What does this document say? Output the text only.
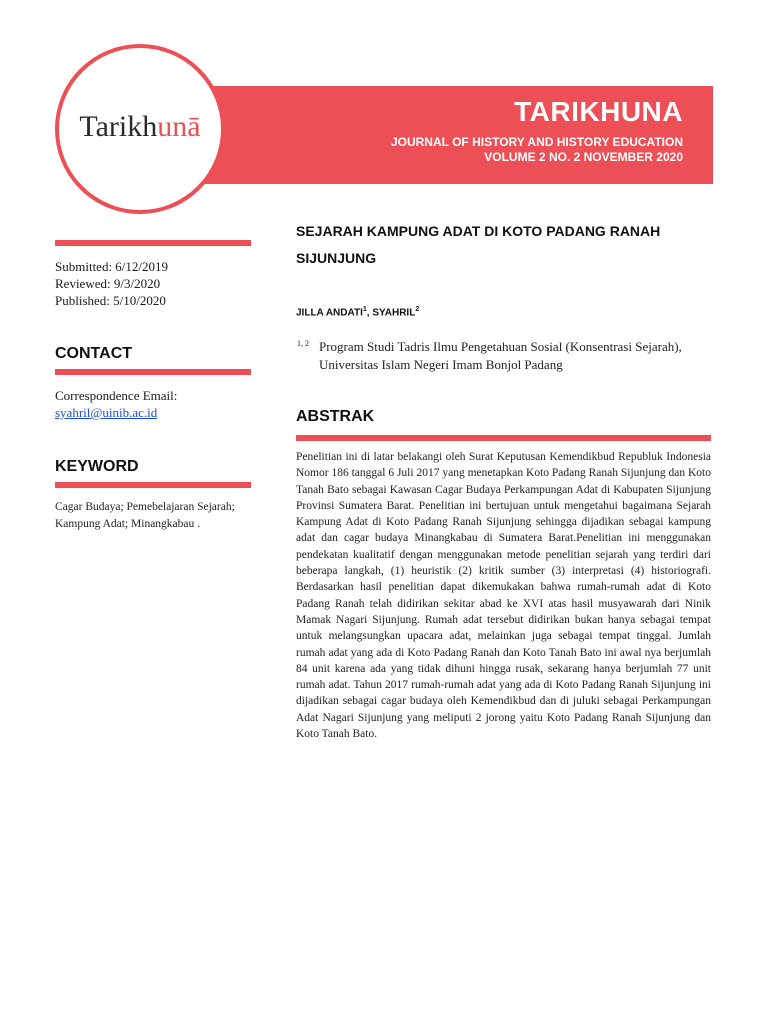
TARIKHUNA
JOURNAL OF HISTORY AND HISTORY EDUCATION
VOLUME 2 NO. 2 NOVEMBER 2020
Tarikhunā
Submitted: 6/12/2019
Reviewed: 9/3/2020
Published: 5/10/2020
CONTACT
Correspondence Email:
syahril@uinib.ac.id
KEYWORD
Cagar Budaya; Pemebelajaran Sejarah; Kampung Adat; Minangkabau .
SEJARAH KAMPUNG ADAT DI KOTO PADANG RANAH SIJUNJUNG
JILLA ANDATI$^1$, SYAHRIL$^2$
1, 2 Program Studi Tadris Ilmu Pengetahuan Sosial (Konsentrasi Sejarah), Universitas Islam Negeri Imam Bonjol Padang
ABSTRAK
Penelitian ini di latar belakangi oleh Surat Keputusan Kemendikbud Republuk Indonesia Nomor 186 tanggal 6 Juli 2017 yang menetapkan Koto Padang Ranah Sijunjung dan Koto Tanah Bato sebagai Kawasan Cagar Budaya Perkampungan Adat di Kabupaten Sijunjung Provinsi Sumatera Barat. Penelitian ini bertujuan untuk mengetahui bagaimana Sejarah Kampung Adat di Koto Padang Ranah Sijunjung sehingga dijadikan sebagai kampung adat dan cagar budaya Minangkabau di Sumatera Barat.Penelitian ini menggunakan pendekatan kualitatif dengan menggunakan metode penelitian sejarah yang terdiri dari beberapa langkah, (1) heuristik (2) kritik sumber (3) interpretasi (4) historiografi. Berdasarkan hasil penelitian dapat dikemukakan bahwa rumah-rumah adat di Koto Padang Ranah telah didirikan sekitar abad ke XVI atas hasil musyawarah dari Ninik Mamak Nagari Sijunjung. Rumah adat tersebut didirikan bukan hanya sebagai tempat untuk melangsungkan upacara adat, melainkan juga sebagai tempat tinggal. Jumlah rumah adat yang ada di Koto Padang Ranah dan Koto Tanah Bato ini awal nya berjumlah 84 unit karena ada yang tidak dihuni hingga rusak, sekarang hanya berjumlah 77 unit rumah adat. Tahun 2017 rumah-rumah adat yang ada di Koto Padang Ranah Sijunjung ini dijadikan sebagai cagar budaya oleh Kemendikbud dan di juluki sebagai Perkampungan Adat Nagari Sijunjung yang meliputi 2 jorong yaitu Koto Padang Ranah Sijunjung dan Koto Tanah Bato.
